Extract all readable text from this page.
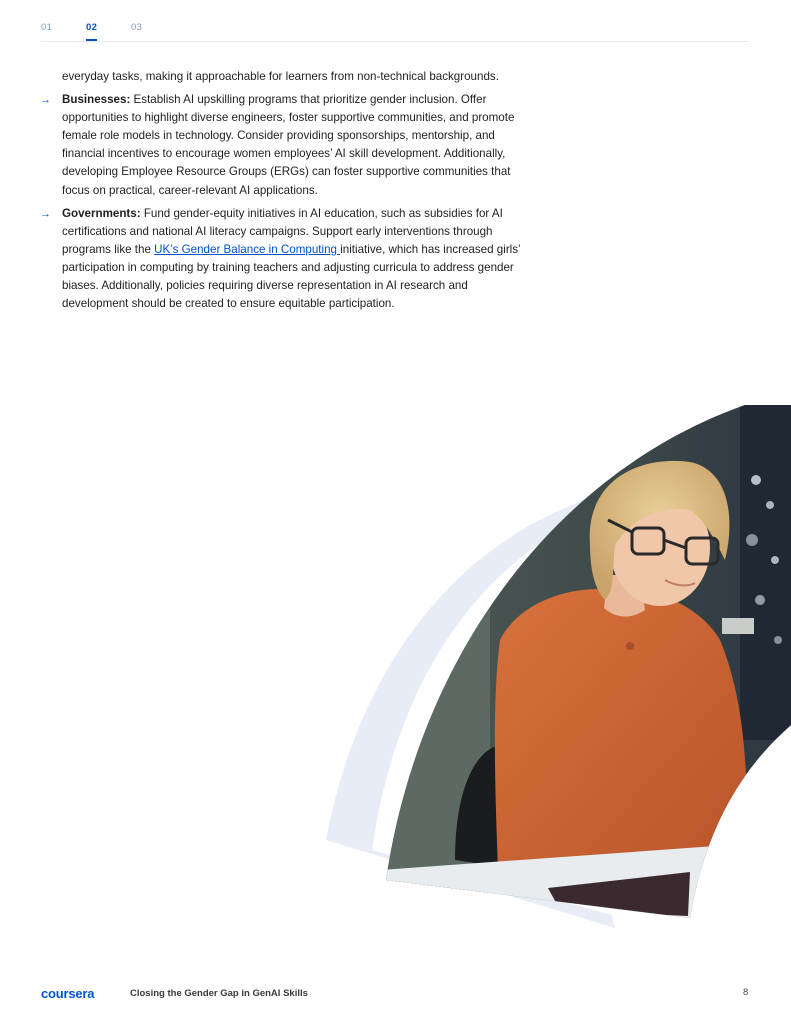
01	02	03

everyday tasks, making it approachable for learners from non-technical backgrounds.

→ Businesses: Establish AI upskilling programs that prioritize gender inclusion. Offer opportunities to highlight diverse engineers, foster supportive communities, and promote female role models in technology. Consider providing sponsorships, mentorship, and financial incentives to encourage women employees’ AI skill development. Additionally, developing Employee Resource Groups (ERGs) can foster supportive communities that focus on practical, career-relevant AI applications.
→ Governments: Fund gender-equity initiatives in AI education, such as subsidies for AI certifications and national AI literacy campaigns. Support early interventions through programs like the UK’s Gender Balance in Computing initiative, which has increased girls’ participation in computing by training teachers and adjusting curricula to address gender biases. Additionally, policies requiring diverse representation in AI research and development should be created to ensure equitable participation.
coursera	Closing the Gender Gap in GenAI Skills	8
